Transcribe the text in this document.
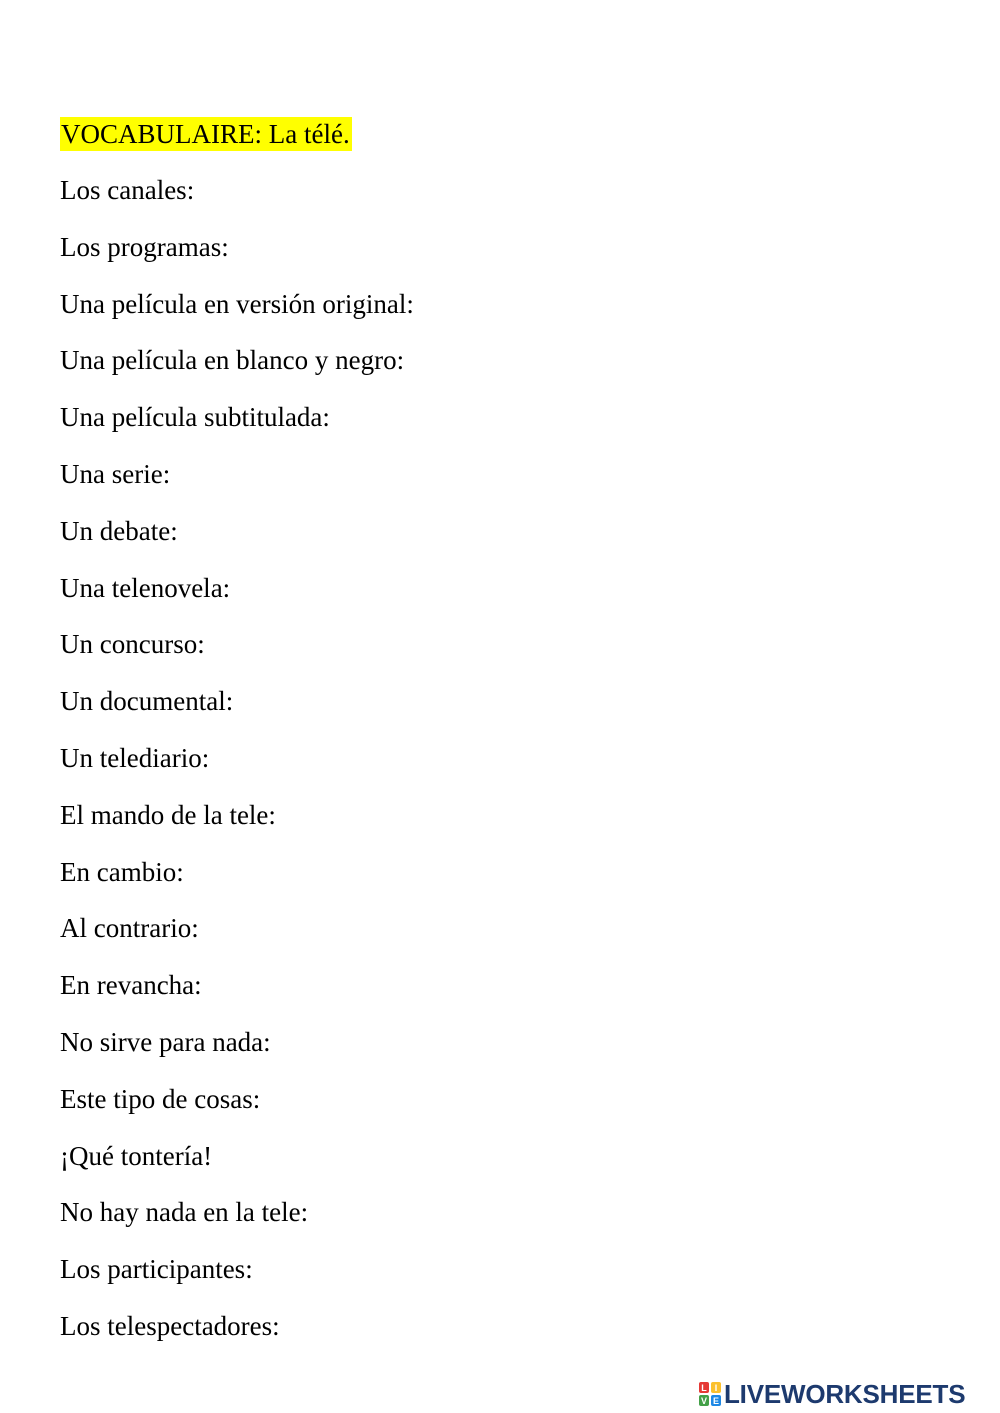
VOCABULAIRE: La télé.
Los canales:
Los programas:
Una película en versión original:
Una película en blanco y negro:
Una película subtitulada:
Una serie:
Un debate:
Una telenovela:
Un concurso:
Un documental:
Un telediario:
El mando de la tele:
En cambio:
Al contrario:
En revancha:
No sirve para nada:
Este tipo de cosas:
¡Qué tontería!
No hay nada en la tele:
Los participantes:
Los telespectadores:
L I
V E LIVEWORKSHEETS
